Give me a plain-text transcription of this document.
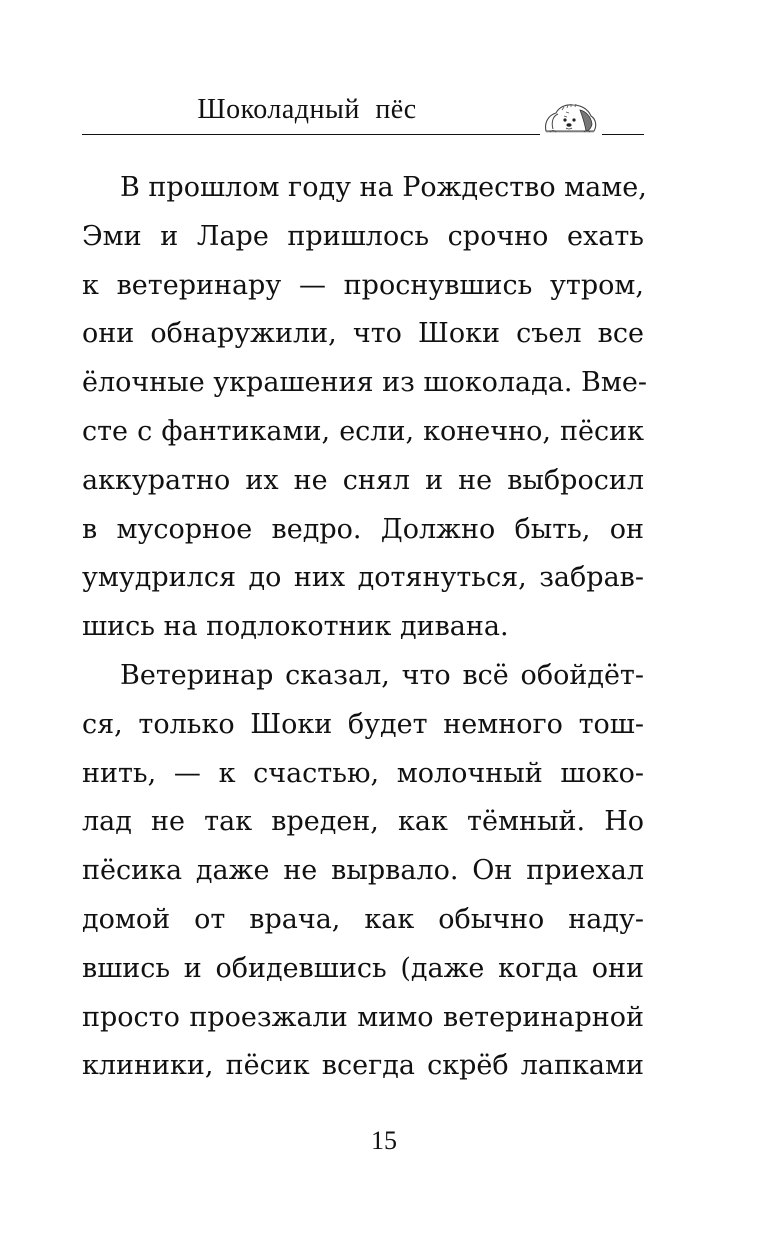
Шоколадный пёс
В прошлом году на Рождество маме,
Эми и Ларе пришлось срочно ехать
к ветеринару — проснувшись утром,
они обнаружили, что Шоки съел все
ёлочные украшения из шоколада. Вме-
сте с фантиками, если, конечно, пёсик
аккуратно их не снял и не выбросил
в мусорное ведро. Должно быть, он
умудрился до них дотянуться, забрав-
шись на подлокотник дивана.
Ветеринар сказал, что всё обойдёт-
ся, только Шоки будет немного тош-
нить, — к счастью, молочный шоко-
лад не так вреден, как тёмный. Но
пёсика даже не вырвало. Он приехал
домой от врача, как обычно наду-
вшись и обидевшись (даже когда они
просто проезжали мимо ветеринарной
клиники, пёсик всегда скрёб лапками
15
